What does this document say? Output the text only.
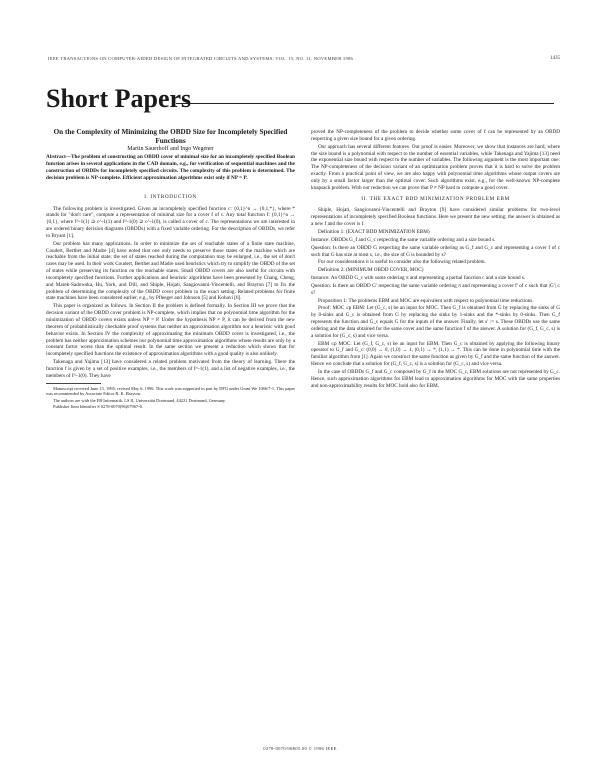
IEEE TRANSACTIONS ON COMPUTER-AIDED DESIGN OF INTEGRATED CIRCUITS AND SYSTEMS, VOL. 15, NO. 11, NOVEMBER 1996	1435
Short Papers

On the Complexity of Minimizing the OBDD Size for Incompletely Specified Functions

Martin Sauerhoff and Ingo Wegener

Abstract—The problem of constructing an OBDD cover of minimal size for an incompletely specified Boolean function arises in several applications in the CAD domain, e.g., for verification of sequential machines and the construction of OBDDs for incompletely specified circuits. The complexity of this problem is determined. The decision problem is NP-complete. Efficient approximation algorithms exist only if NP = P.

I. INTRODUCTION

The following problem is investigated. Given an incompletely specified function c: {0,1}^n → {0,1,*}, where * stands for "don't care", compute a representation of minimal size for a cover f of c. Any total function f: {0,1}^n → {0,1}, where f^-1(1) ⊇ c^-1(1) and f^-1(0) ⊇ c^-1(0), is called a cover of c. The representations we are interested in are ordered binary decision diagrams (OBDDs) with a fixed variable ordering. For the description of OBDDs, we refer to Bryant [1].

Our problem has many applications. In order to minimize the set of reachable states of a finite state machine, Coudert, Berthet and Madre [4] have noted that one only needs to preserve those states of the machine which are reachable from the initial state; the set of states reached during the computation may be enlarged, i.e., the set of don't cares may be used. In their work Coudert, Berthet and Madre used heuristics which try to simplify the OBDD of the set of states while preserving its function on the reachable states. Small OBDD covers are also useful for circuits with incompletely specified functions. Further applications and heuristic algorithms have been presented by Chang, Cheng, and Marek-Sadowska, Hu, York, and Dill, and Shiple, Hojati, Sangiovanni-Vincentelli, and Brayton [7] to fix the problem of determining the complexity of the OBDD cover problem in the exact setting. Related problems for finite state machines have been considered earlier, e.g., by Pfleeger and Johnson [5] and Kohavi [6].

This paper is organized as follows. In Section II the problem is defined formally. In Section III we prove that the decision variant of the OBDD cover problem is NP-complete, which implies that no polynomial time algorithm for the minimization of OBDD covers exists unless NP = P. Under the hypothesis NP ≠ P, it can be derived from the new theorem of probabilistically checkable proof systems that neither an approximation algorithm nor a heuristic with good behavior exists. In Section IV the complexity of approximating the minimum OBDD cover is investigated, i.e., the problem has neither approximation schemes nor polynomial time approximation algorithms whose results are only by a constant factor worse than the optimal result. In the same section we present a reduction which shows that for incompletely specified functions the existence of approximation algorithms with a good quality is also unlikely.

Takenaga and Yajima [13] have considered a related problem motivated from the theory of learning. There the function f is given by a set of positive examples, i.e., the members of f^-1(1), and a list of negative examples, i.e., the members of f^-1(0). They have

Manuscript received June 13, 1995; revised May 6, 1996. This work was supported in part by DFG under Grant We 1066/7-1. This paper was recommended by Associate Editor R. K. Brayton.

The authors are with the FB Informatik, LS II, Universität Dortmund, 44221 Dortmund, Germany.

Publisher Item Identifier S 0278-0070(96)07967-6.

proved the NP-completeness of the problem to decide whether some cover of f can be represented by an OBDD respecting a given size bound for a given ordering.

Our approach has several different features. Our proof is easier. Moreover, we show that instances are hard, where the size bound is a polynomial with respect to the number of essential variables, while Takenaga and Yajima [13] need the exponential size bound with respect to the number of variables. The following argument is the most important one: The NP-completeness of the decision variant of an optimization problem proves that it is hard to solve the problem exactly. From a practical point of view, we are also happy with polynomial time algorithms whose output covers are only by a small factor larger than the optimal cover. Such algorithms exist, e.g., for the well-known NP-complete knapsack problem. With our reduction we can prove that P ≠ NP hard to compute a good cover.

II. THE EXACT BDD MINIMIZATION PROBLEM EBM

Shiple, Hojati, Sangiovanni-Vincentelli and Brayton [9] have considered similar problems for two-level representations of incompletely specified Boolean functions. Here we present the new setting; the answer is obtained as a new f and the cover is f.

Definition 1: (EXACT BDD MINIMIZATION EBM)

Instance: OBDDs G_f and G_c respecting the same variable ordering and a size bound s.

Question: Is there an OBDD G respecting the same variable ordering as G_f and G_c and representing a cover f of c such that G has size at most s, i.e., the size of G is bounded by s?

For our considerations it is useful to consider also the following related problem.

Definition 2: (MINIMUM OBDD COVER, MOC)

Instance: An OBDD G_c with some ordering π and representing a partial function c and a size bound s.

Question: Is there an OBDD G' respecting the same variable ordering π and representing a cover f' of c such that |G'| ≤ s?

Proposition 1: The problems EBM and MOC are equivalent with respect to polynomial time reductions.

Proof: MOC ≤p EBM: Let (G_c, s) be an input for MOC. Then G_f is obtained from G by replacing the sinks of G by 0-sinks and G_c is obtained from G by replacing the sinks by 1-sinks and the *-sinks by 0-sinks. Then G_f represents the function and G_c equals G for the inputs of the answer. Finally, let s' := s. These OBDDs use the same ordering and the data obtained for the same cover and the same function f of the answer. A solution for (G_f, G_c, s) is a solution for (G_c, s) and vice versa.

EBM ≤p MOC: Let (G_f, G_c, s) be an input for EBM. Then G_c is obtained by applying the following binary operator to G_f and G_c: (0,0) → 0, (1,0) → 1, (0,1) → *, (1,1) → *. This can be done in polynomial time with the familiar algorithm from [1]. Again we construct the same function as given by G_f and the same function of the answer. Hence we conclude that a solution for (G_f, G_c, s) is a solution for (G_c, s) and vice versa.

In the case of OBDDs G_f and G_c composed by G_f in the MOC G_c, EBM solutions are not represented by G_c. Hence, such approximation algorithms for EBM lead to approximation algorithms for MOC with the same properties and non-approximability results for MOC hold also for EBM.

0278-0070/96$05.00 © 1996 IEEE
